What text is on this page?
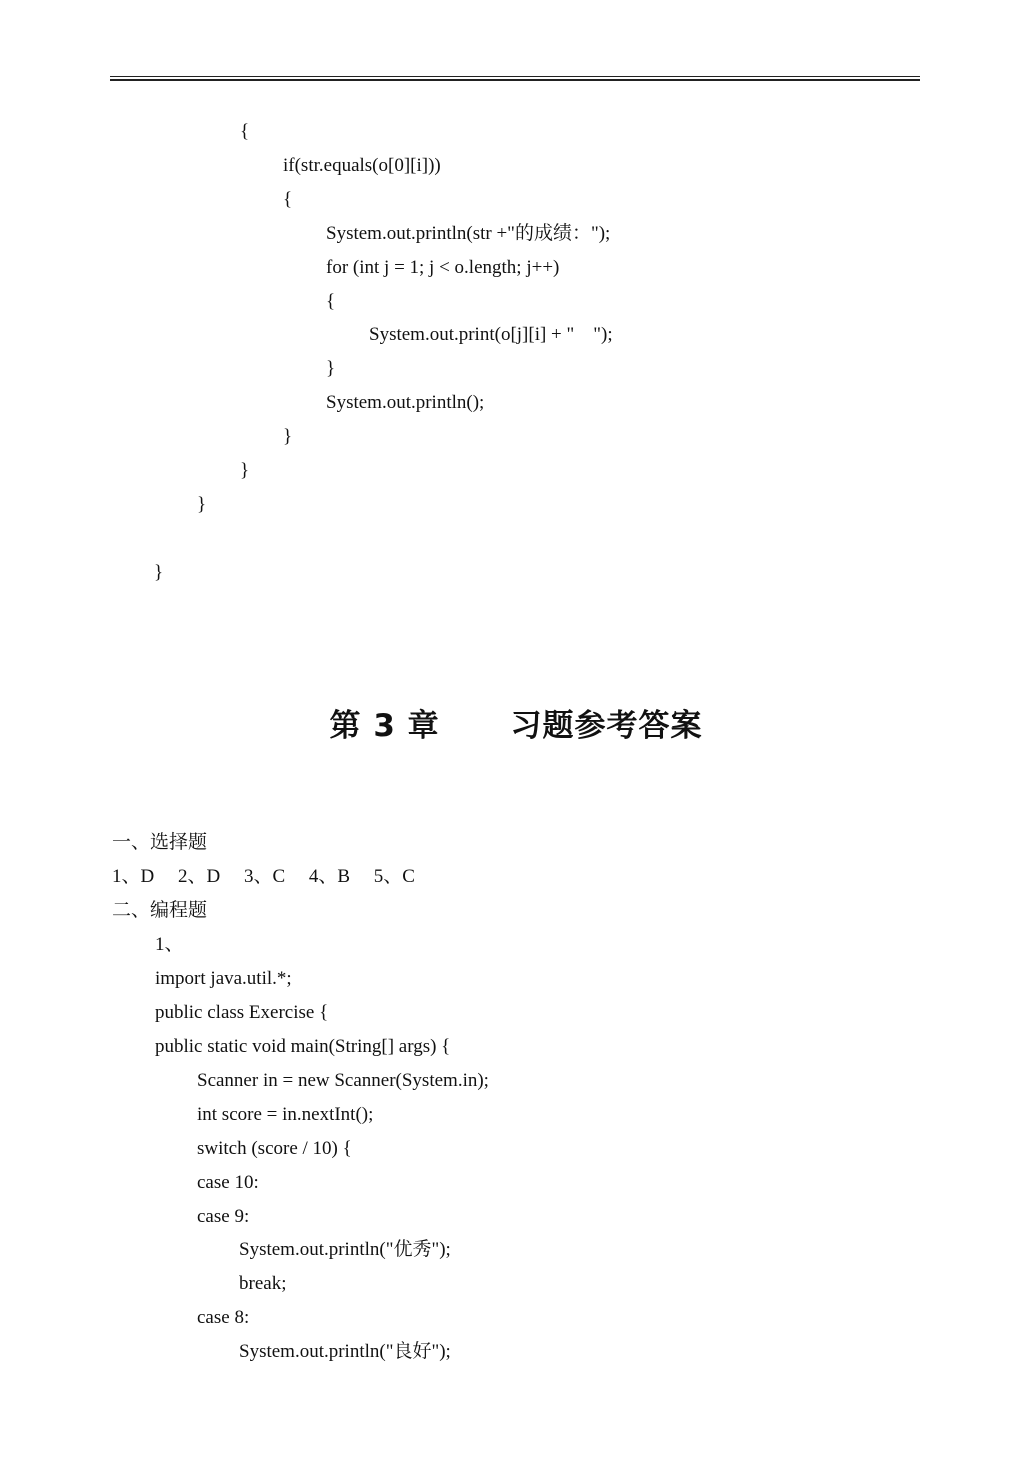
{
if(str.equals(o[0][i]))
{
System.out.println(str +"的成绩：");
for (int j = 1; j < o.length; j++)
{
System.out.print(o[j][i] + "    ");
}
System.out.println();
}
}
}
}
第 3 章      习题参考答案
一、选择题
1、D     2、D     3、C     4、B     5、C
二、编程题
1、
import java.util.*;
public class Exercise {
public static void main(String[] args) {
Scanner in = new Scanner(System.in);
int score = in.nextInt();
switch (score / 10) {
case 10:
case 9:
System.out.println("优秀");
break;
case 8:
System.out.println("良好");
